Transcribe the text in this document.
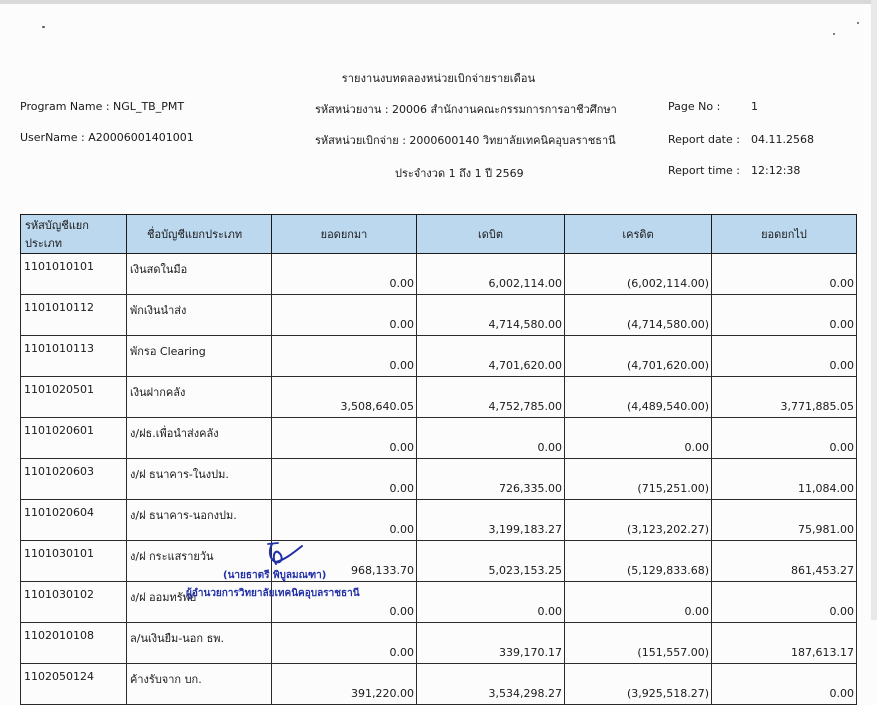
รายงานงบทดลองหน่วยเบิกจ่ายรายเดือน
Program Name : NGL_TB_PMT
UserName : A20006001401001
รหัสหน่วยงาน : 20006 สำนักงานคณะกรรมการการอาชีวศึกษา
รหัสหน่วยเบิกจ่าย : 2000600140 วิทยาลัยเทคนิคอุบลราชธานี
ประจำงวด 1 ถึง 1 ปี 2569
Page No :	1
Report date : 04.11.2568
Report time : 12:12:38
รหัสบัญชีแยกประเภท	ชื่อบัญชีแยกประเภท	ยอดยกมา	เดบิต	เครดิต	ยอดยกไป
1101010101	เงินสดในมือ	0.00	6,002,114.00	(6,002,114.00)	0.00
1101010112	พักเงินนำส่ง	0.00	4,714,580.00	(4,714,580.00)	0.00
1101010113	พักรอ Clearing	0.00	4,701,620.00	(4,701,620.00)	0.00
1101020501	เงินฝากคลัง	3,508,640.05	4,752,785.00	(4,489,540.00)	3,771,885.05
1101020601	ง/ฝธ.เพื่อนำส่งคลัง	0.00	0.00	0.00	0.00
1101020603	ง/ฝ ธนาคาร-ในงปม.	0.00	726,335.00	(715,251.00)	11,084.00
1101020604	ง/ฝ ธนาคาร-นอกงปม.	0.00	3,199,183.27	(3,123,202.27)	75,981.00
1101030101	ง/ฝ กระแสรายวัน	968,133.70	5,023,153.25	(5,129,833.68)	861,453.27
1101030102	ง/ฝ ออมทรัพย์	0.00	0.00	0.00	0.00
1102010108	ล/นเงินยืม-นอก ธพ.	0.00	339,170.17	(151,557.00)	187,613.17
1102050124	ค้างรับจาก บก.	391,220.00	3,534,298.27	(3,925,518.27)	0.00
(นายธาตรี พิบูลมณฑา)
ผู้อำนวยการวิทยาลัยเทคนิคอุบลราชธานี
